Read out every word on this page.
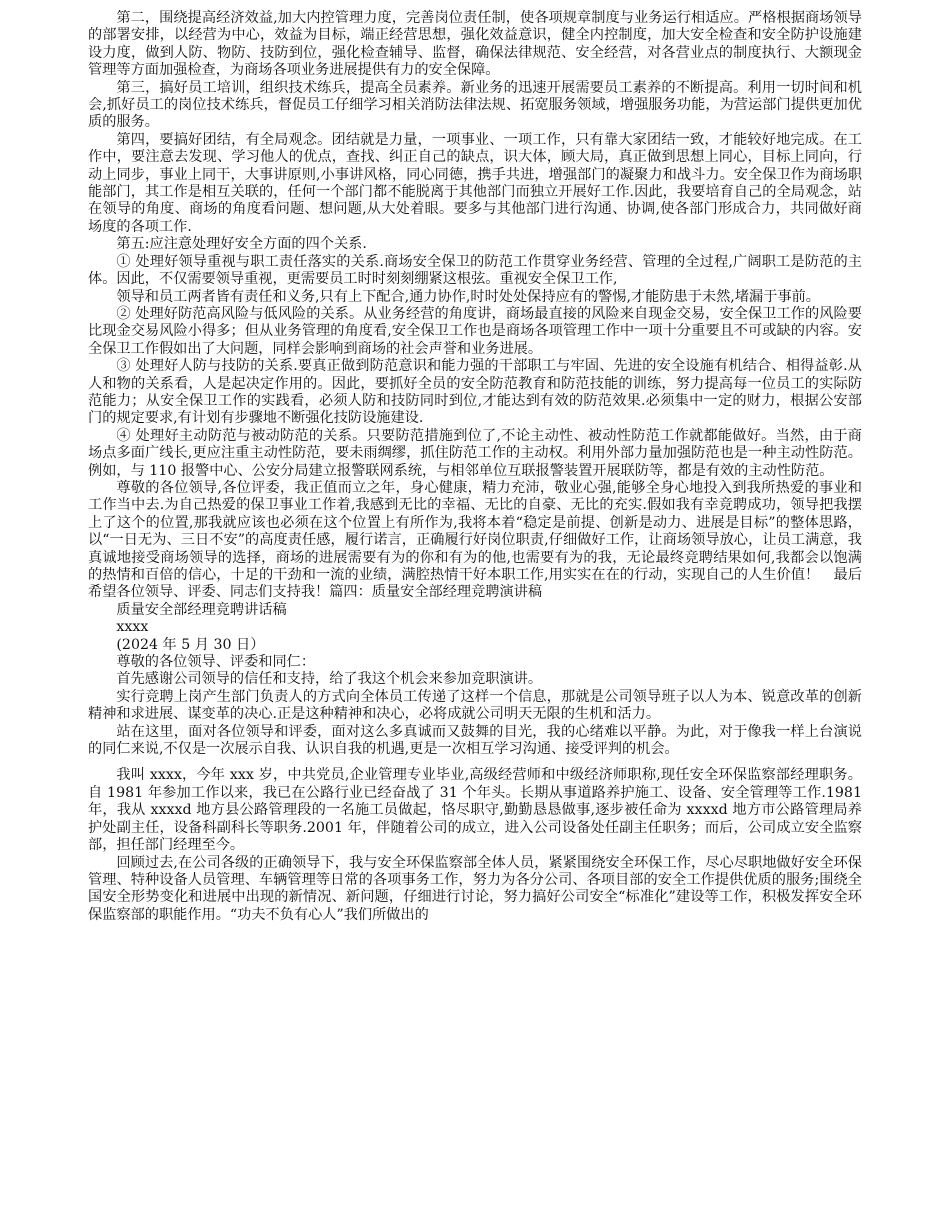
第二，围绕提高经济效益,加大内控管理力度，完善岗位责任制，使各项规章制度与业务运行相适应。严格根据商场领导的部署安排，以经营为中心，效益为目标，端正经营思想，强化效益意识，健全内控制度，加大安全检查和安全防护设施建设力度，做到人防、物防、技防到位，强化检查辅导、监督，确保法律规范、安全经营，对各营业点的制度执行、大额现金管理等方面加强检查，为商场各项业务进展提供有力的安全保障。

第三，搞好员工培训，组织技术练兵，提高全员素养。新业务的迅速开展需要员工素养的不断提高。利用一切时间和机会,抓好员工的岗位技术练兵，督促员工仔细学习相关消防法律法规、拓宽服务领域，增强服务功能，为营运部门提供更加优质的服务。

第四，要搞好团结，有全局观念。团结就是力量，一项事业、一项工作，只有靠大家团结一致，才能较好地完成。在工作中，要注意去发现、学习他人的优点，查找、纠正自己的缺点，识大体，顾大局，真正做到思想上同心，目标上同向，行动上同步，事业上同干，大事讲原则,小事讲风格，同心同德，携手共进，增强部门的凝聚力和战斗力。安全保卫作为商场职能部门，其工作是相互关联的，任何一个部门都不能脱离于其他部门而独立开展好工作.因此，我要培育自己的全局观念，站在领导的角度、商场的角度看问题、想问题,从大处着眼。要多与其他部门进行沟通、协调,使各部门形成合力，共同做好商场度的各项工作.

第五:应注意处理好安全方面的四个关系.

① 处理好领导重视与职工责任落实的关系.商场安全保卫的防范工作贯穿业务经营、管理的全过程,广阔职工是防范的主体。因此，不仅需要领导重视，更需要员工时时刻刻绷紧这根弦。重视安全保卫工作,

领导和员工两者皆有责任和义务,只有上下配合,通力协作,时时处处保持应有的警惕,才能防患于未然,堵漏于事前。

② 处理好防范高风险与低风险的关系。从业务经营的角度讲，商场最直接的风险来自现金交易，安全保卫工作的风险要比现金交易风险小得多；但从业务管理的角度看,安全保卫工作也是商场各项管理工作中一项十分重要且不可或缺的内容。安全保卫工作假如出了大问题，同样会影响到商场的社会声誉和业务进展。

③ 处理好人防与技防的关系.要真正做到防范意识和能力强的干部职工与牢固、先进的安全设施有机结合、相得益彰.从人和物的关系看，人是起决定作用的。因此，要抓好全员的安全防范教育和防范技能的训练，努力提高每一位员工的实际防范能力；从安全保卫工作的实践看，必须人防和技防同时到位,才能达到有效的防范效果.必须集中一定的财力，根据公安部门的规定要求,有计划有步骤地不断强化技防设施建设.

④ 处理好主动防范与被动防范的关系。只要防范措施到位了,不论主动性、被动性防范工作就都能做好。当然，由于商场点多面广线长,更应注重主动性防范，要未雨绸缪，抓住防范工作的主动权。利用外部力量加强防范也是一种主动性防范。例如，与 110 报警中心、公安分局建立报警联网系统，与相邻单位互联报警装置开展联防等，都是有效的主动性防范。

尊敬的各位领导,各位评委，我正值而立之年，身心健康，精力充沛，敬业心强,能够全身心地投入到我所热爱的事业和工作当中去.为自己热爱的保卫事业工作着,我感到无比的幸福、无比的自豪、无比的充实.假如我有幸竞聘成功，领导把我摆上了这个的位置,那我就应该也必须在这个位置上有所作为,我将本着“稳定是前提、创新是动力、进展是目标”的整体思路，以“一日无为、三日不安”的高度责任感，履行诺言，正确履行好岗位职责,仔细做好工作，让商场领导放心，让员工满意，我真诚地接受商场领导的选择，商场的进展需要有为的你和有为的他,也需要有为的我，无论最终竞聘结果如何,我都会以饱满的热情和百倍的信心，十足的干劲和一流的业绩，满腔热情干好本职工作,用实实在在的行动，实现自己的人生价值！　最后希望各位领导、评委、同志们支持我！篇四：质量安全部经理竞聘演讲稿

质量安全部经理竞聘讲话稿

xxxx

(2024 年 5 月 30 日）

尊敬的各位领导、评委和同仁：

首先感谢公司领导的信任和支持，给了我这个机会来参加竞职演讲。

实行竞聘上岗产生部门负责人的方式向全体员工传递了这样一个信息，那就是公司领导班子以人为本、锐意改革的创新精神和求进展、谋变革的决心.正是这种精神和决心，必将成就公司明天无限的生机和活力。

站在这里，面对各位领导和评委，面对这么多真诚而又鼓舞的目光，我的心绪难以平静。为此，对于像我一样上台演说的同仁来说,不仅是一次展示自我、认识自我的机遇,更是一次相互学习沟通、接受评判的机会。

我叫 xxxx，今年 xxx 岁，中共党员,企业管理专业毕业,高级经营师和中级经济师职称,现任安全环保监察部经理职务。自 1981 年参加工作以来，我已在公路行业已经奋战了 31 个年头。长期从事道路养护施工、设备、安全管理等工作.1981 年，我从 xxxxd 地方县公路管理段的一名施工员做起，恪尽职守,勤勤恳恳做事,逐步被任命为 xxxxd 地方市公路管理局养护处副主任，设备科副科长等职务.2001 年，伴随着公司的成立，进入公司设备处任副主任职务；而后，公司成立安全监察部，担任部门经理至今。

回顾过去,在公司各级的正确领导下，我与安全环保监察部全体人员，紧紧围绕安全环保工作，尽心尽职地做好安全环保管理、特种设备人员管理、车辆管理等日常的各项事务工作，努力为各分公司、各项目部的安全工作提供优质的服务;围绕全国安全形势变化和进展中出现的新情况、新问题，仔细进行讨论，努力搞好公司安全“标准化”建设等工作，积极发挥安全环保监察部的职能作用。“功夫不负有心人”我们所做出的
